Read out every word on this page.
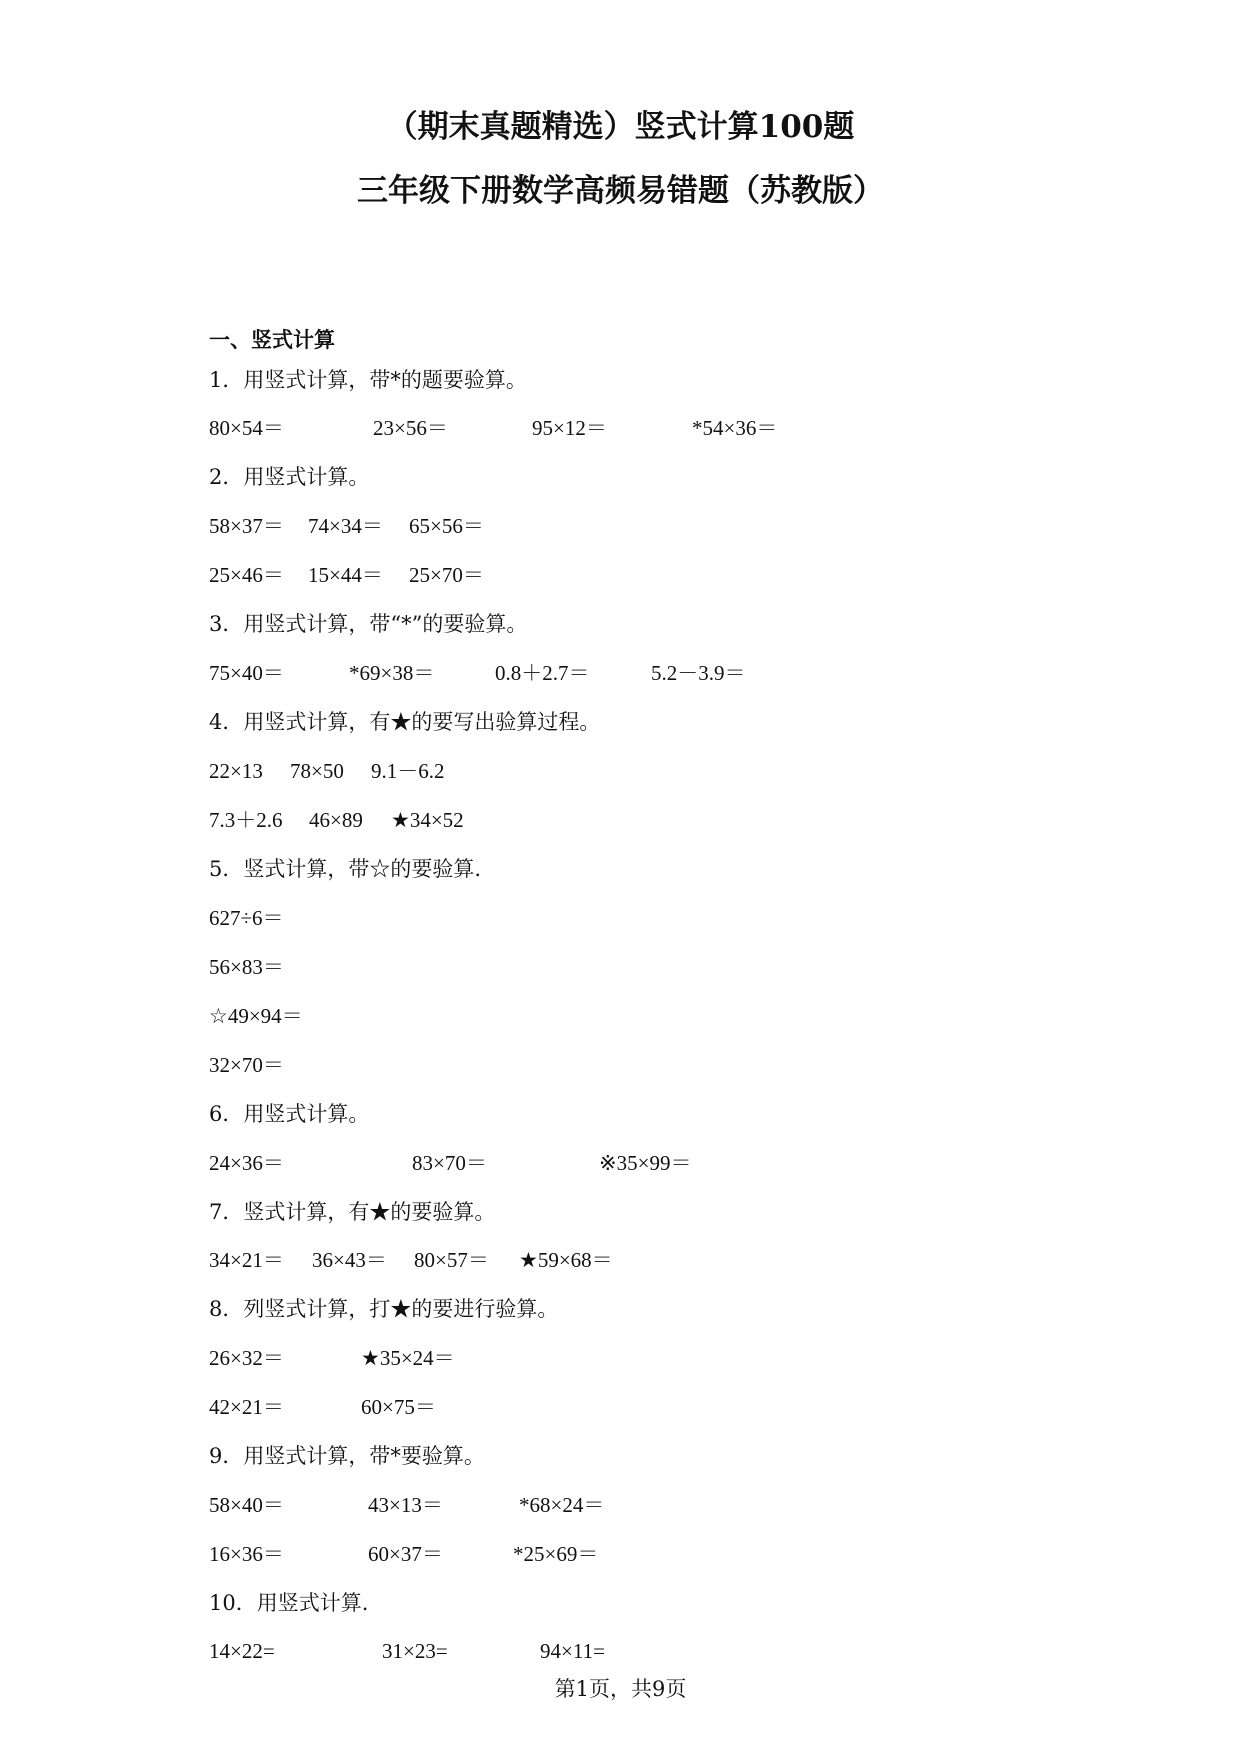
（期末真题精选）竖式计算100题
三年级下册数学高频易错题（苏教版）
一、竖式计算

1．用竖式计算，带*的题要验算。

80×54＝	23×56＝	95×12＝	*54×36＝

2．用竖式计算。

58×37＝ 74×34＝ 65×56＝
25×46＝ 15×44＝ 25×70＝

3．用竖式计算，带“*”的要验算。

75×40＝	*69×38＝	0.8＋2.7＝	5.2－3.9＝

4．用竖式计算，有★的要写出验算过程。

22×13 78×50 9.1－6.2
7.3＋2.6 46×89 ★34×52

5．竖式计算，带☆的要验算.

627÷6＝
56×83＝
☆49×94＝
32×70＝

6．用竖式计算。

24×36＝	83×70＝	※35×99＝

7．竖式计算，有★的要验算。

34×21＝ 36×43＝ 80×57＝ ★59×68＝

8．列竖式计算，打★的要进行验算。

26×32＝	★35×24＝
42×21＝	60×75＝

9．用竖式计算，带*要验算。

58×40＝	43×13＝	*68×24＝
16×36＝	60×37＝	*25×69＝

10．用竖式计算.

14×22=	31×23=	94×11=

第1页，共9页
